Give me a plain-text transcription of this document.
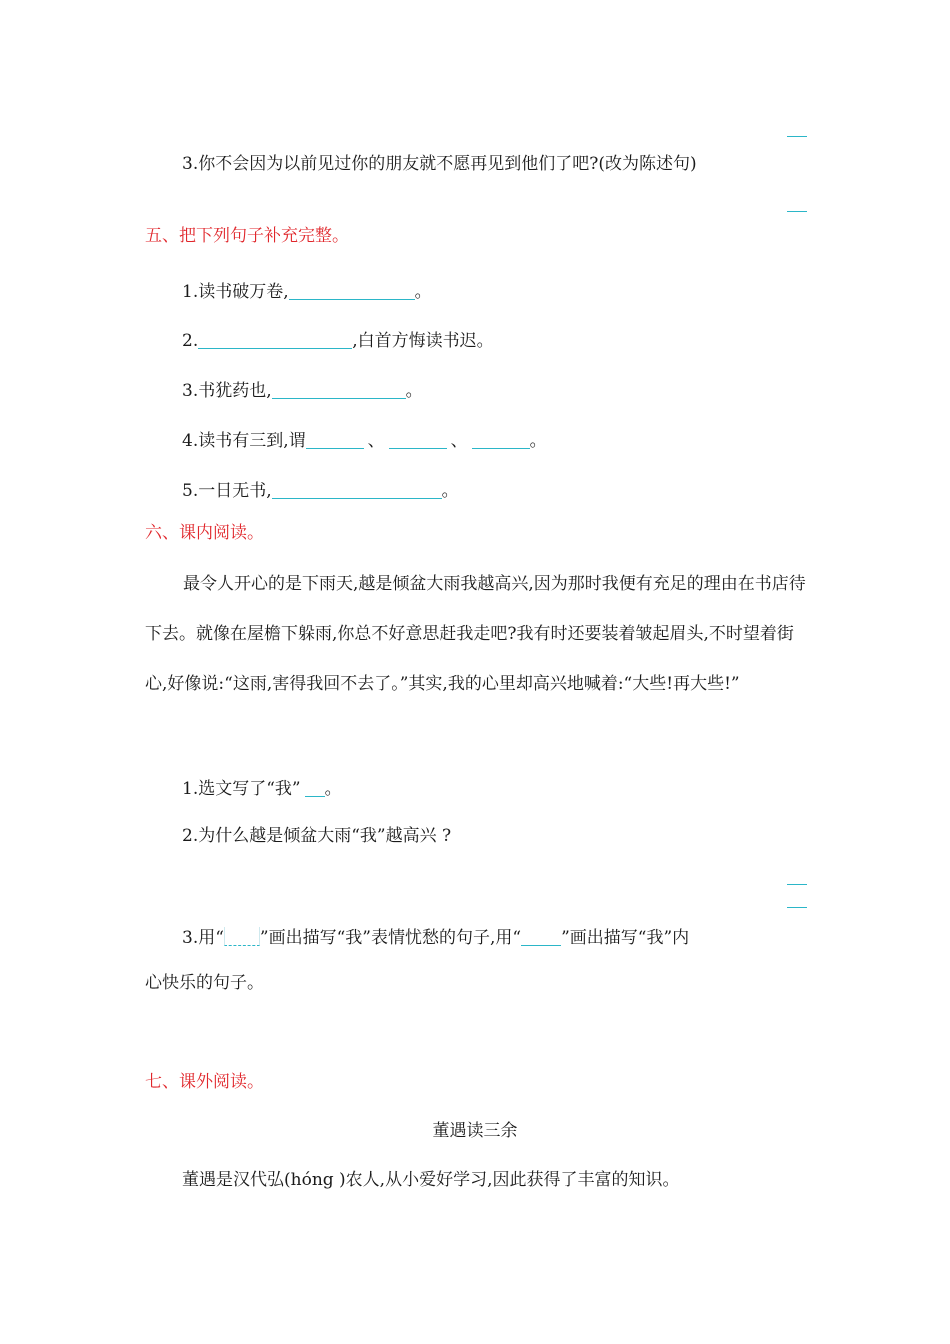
3.你不会因为以前见过你的朋友就不愿再见到他们了吧?(改为陈述句)
五、把下列句子补充完整。
1.读书破万卷,	。
2.	,白首方悔读书迟。
3.书犹药也,	。
4.读书有三到,谓	、	、	。
5.一日无书,	。
六、课内阅读。
最令人开心的是下雨天,越是倾盆大雨我越高兴,因为那时我便有充足的理由在书店待下去。就像在屋檐下躲雨,你总不好意思赶我走吧?我有时还要装着皱起眉头,不时望着街心,好像说:“这雨,害得我回不去了。”其实,我的心里却高兴地喊着:“大些!再大些!”
1.选文写了“我” 。
2.为什么越是倾盆大雨“我”越高兴 ?
3.用“ ”画出描写“我”表情忧愁的句子,用“ ”画出描写“我”内
心快乐的句子。
七、课外阅读。
董遇读三余
董遇是汉代弘(hóng )农人,从小爱好学习,因此获得了丰富的知识。
